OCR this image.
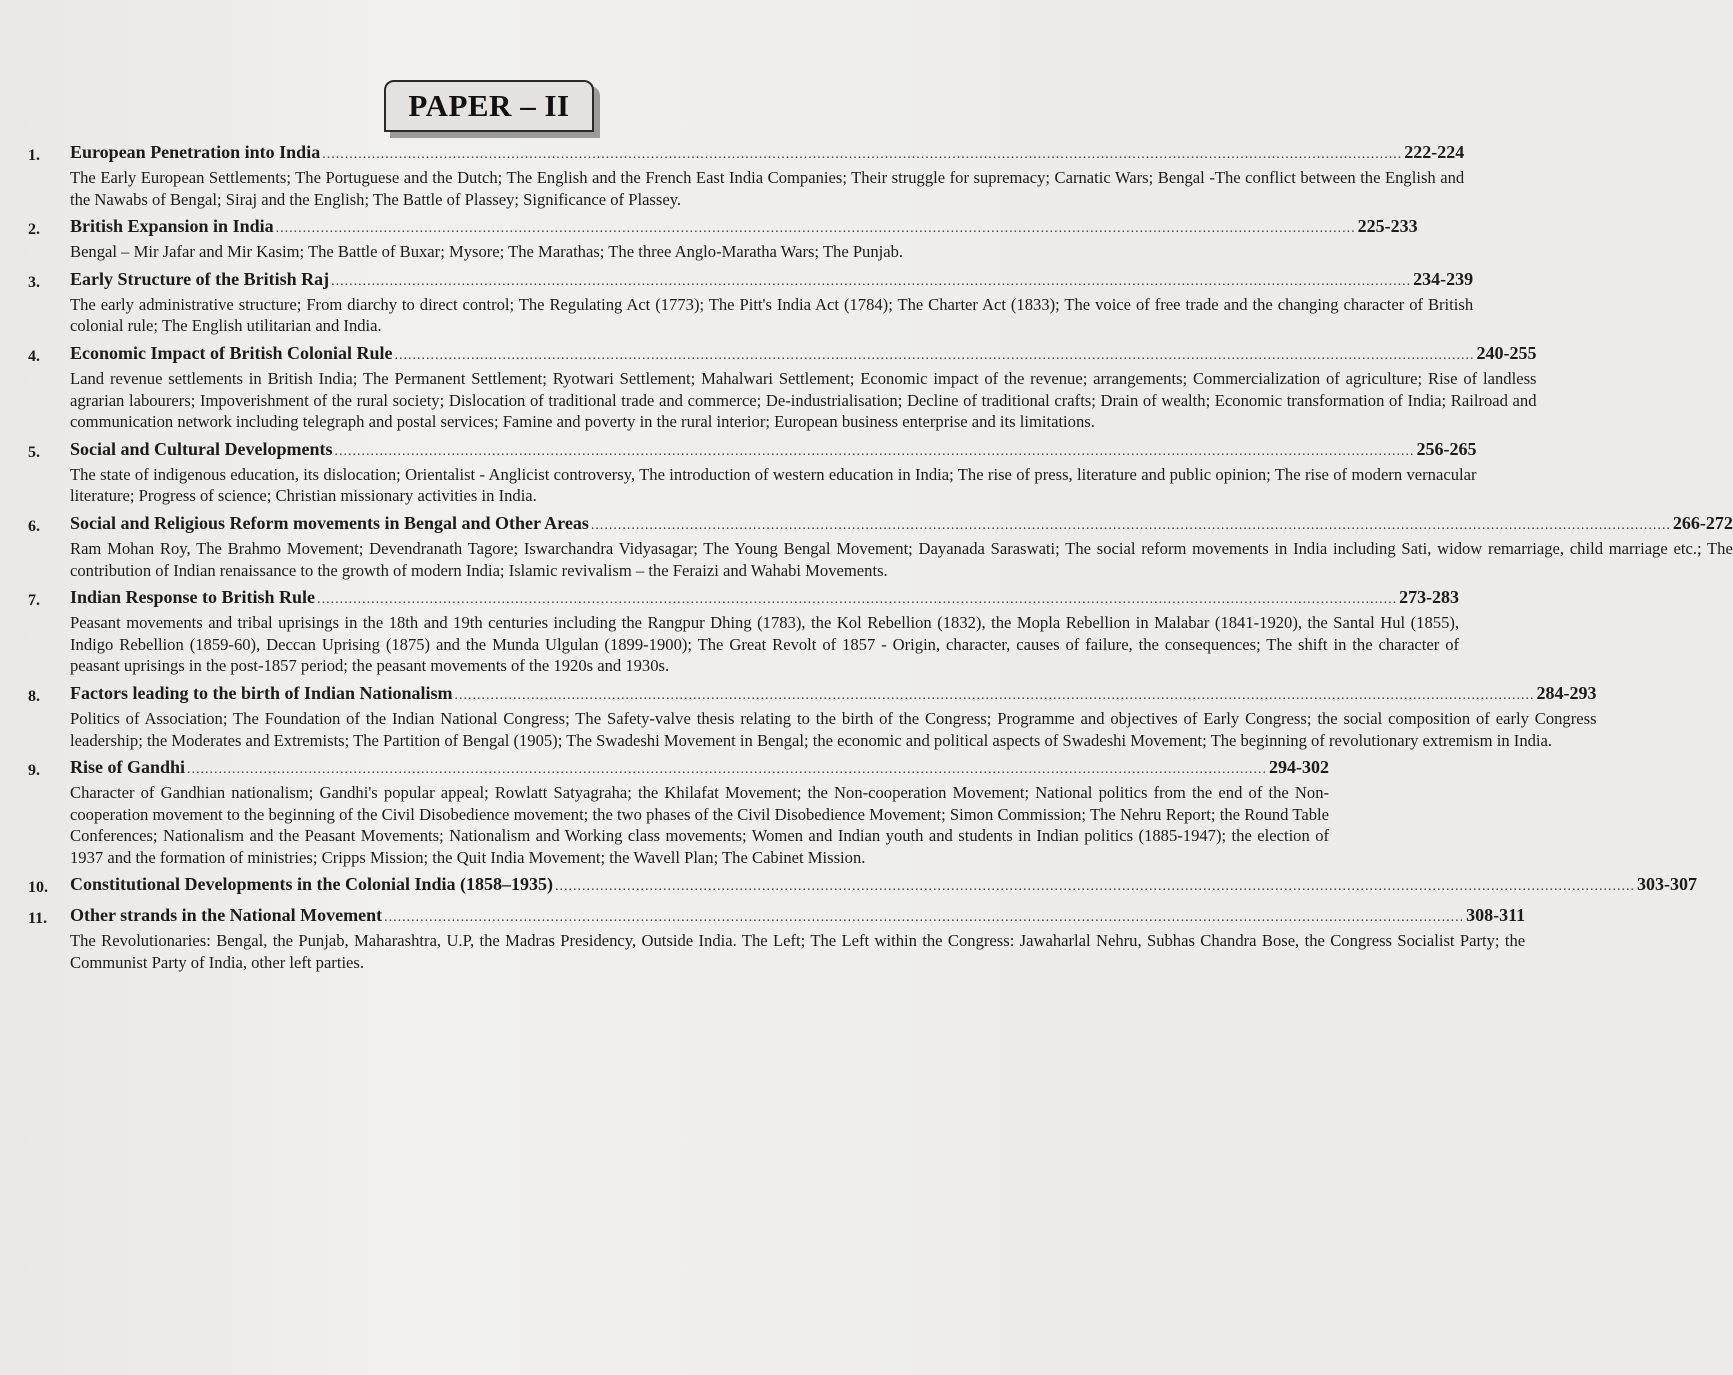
PAPER – II
1.	European Penetration into India .....	222-224

The Early European Settlements; The Portuguese and the Dutch; The English and the French East India Companies; Their struggle for supremacy; Carnatic Wars; Bengal -The conflict between the English and the Nawabs of Bengal; Siraj and the English; The Battle of Plassey; Significance of Plassey.

2.	British Expansion in India .....	225-233

Bengal – Mir Jafar and Mir Kasim; The Battle of Buxar; Mysore; The Marathas; The three Anglo-Maratha Wars; The Punjab.

3.	Early Structure of the British Raj .....	234-239

The early administrative structure; From diarchy to direct control; The Regulating Act (1773); The Pitt's India Act (1784); The Charter Act (1833); The voice of free trade and the changing character of British colonial rule; The English utilitarian and India.

4.	Economic Impact of British Colonial Rule .....	240-255

Land revenue settlements in British India; The Permanent Settlement; Ryotwari Settlement; Mahalwari Settlement; Economic impact of the revenue; arrangements; Commercialization of agriculture; Rise of landless agrarian labourers; Impoverishment of the rural society; Dislocation of traditional trade and commerce; De-industrialisation; Decline of traditional crafts; Drain of wealth; Economic transformation of India; Railroad and communication network including telegraph and postal services; Famine and poverty in the rural interior; European business enterprise and its limitations.

5.	Social and Cultural Developments .....	256-265

The state of indigenous education, its dislocation; Orientalist - Anglicist controversy, The introduction of western education in India; The rise of press, literature and public opinion; The rise of modern vernacular literature; Progress of science; Christian missionary activities in India.

6.	Social and Religious Reform movements in Bengal and Other Areas .....	266-272

Ram Mohan Roy, The Brahmo Movement; Devendranath Tagore; Iswarchandra Vidyasagar; The Young Bengal Movement; Dayanada Saraswati; The social reform movements in India including Sati, widow remarriage, child marriage etc.; The contribution of Indian renaissance to the growth of modern India; Islamic revivalism – the Feraizi and Wahabi Movements.

7.	Indian Response to British Rule .....	273-283

Peasant movements and tribal uprisings in the 18th and 19th centuries including the Rangpur Dhing (1783), the Kol Rebellion (1832), the Mopla Rebellion in Malabar (1841-1920), the Santal Hul (1855), Indigo Rebellion (1859-60), Deccan Uprising (1875) and the Munda Ulgulan (1899-1900); The Great Revolt of 1857 - Origin, character, causes of failure, the consequences; The shift in the character of peasant uprisings in the post-1857 period; the peasant movements of the 1920s and 1930s.

8.	Factors leading to the birth of Indian Nationalism .....	284-293

Politics of Association; The Foundation of the Indian National Congress; The Safety-valve thesis relating to the birth of the Congress; Programme and objectives of Early Congress; the social composition of early Congress leadership; the Moderates and Extremists; The Partition of Bengal (1905); The Swadeshi Movement in Bengal; the economic and political aspects of Swadeshi Movement; The beginning of revolutionary extremism in India.

9.	Rise of Gandhi .....	294-302

Character of Gandhian nationalism; Gandhi's popular appeal; Rowlatt Satyagraha; the Khilafat Movement; the Non-cooperation Movement; National politics from the end of the Non-cooperation movement to the beginning of the Civil Disobedience movement; the two phases of the Civil Disobedience Movement; Simon Commission; The Nehru Report; the Round Table Conferences; Nationalism and the Peasant Movements; Nationalism and Working class movements; Women and Indian youth and students in Indian politics (1885-1947); the election of 1937 and the formation of ministries; Cripps Mission; the Quit India Movement; the Wavell Plan; The Cabinet Mission.

10.	Constitutional Developments in the Colonial India (1858–1935) .....	303-307
11.	Other strands in the National Movement .....	308-311

The Revolutionaries: Bengal, the Punjab, Maharashtra, U.P, the Madras Presidency, Outside India. The Left; The Left within the Congress: Jawaharlal Nehru, Subhas Chandra Bose, the Congress Socialist Party; the Communist Party of India, other left parties.
